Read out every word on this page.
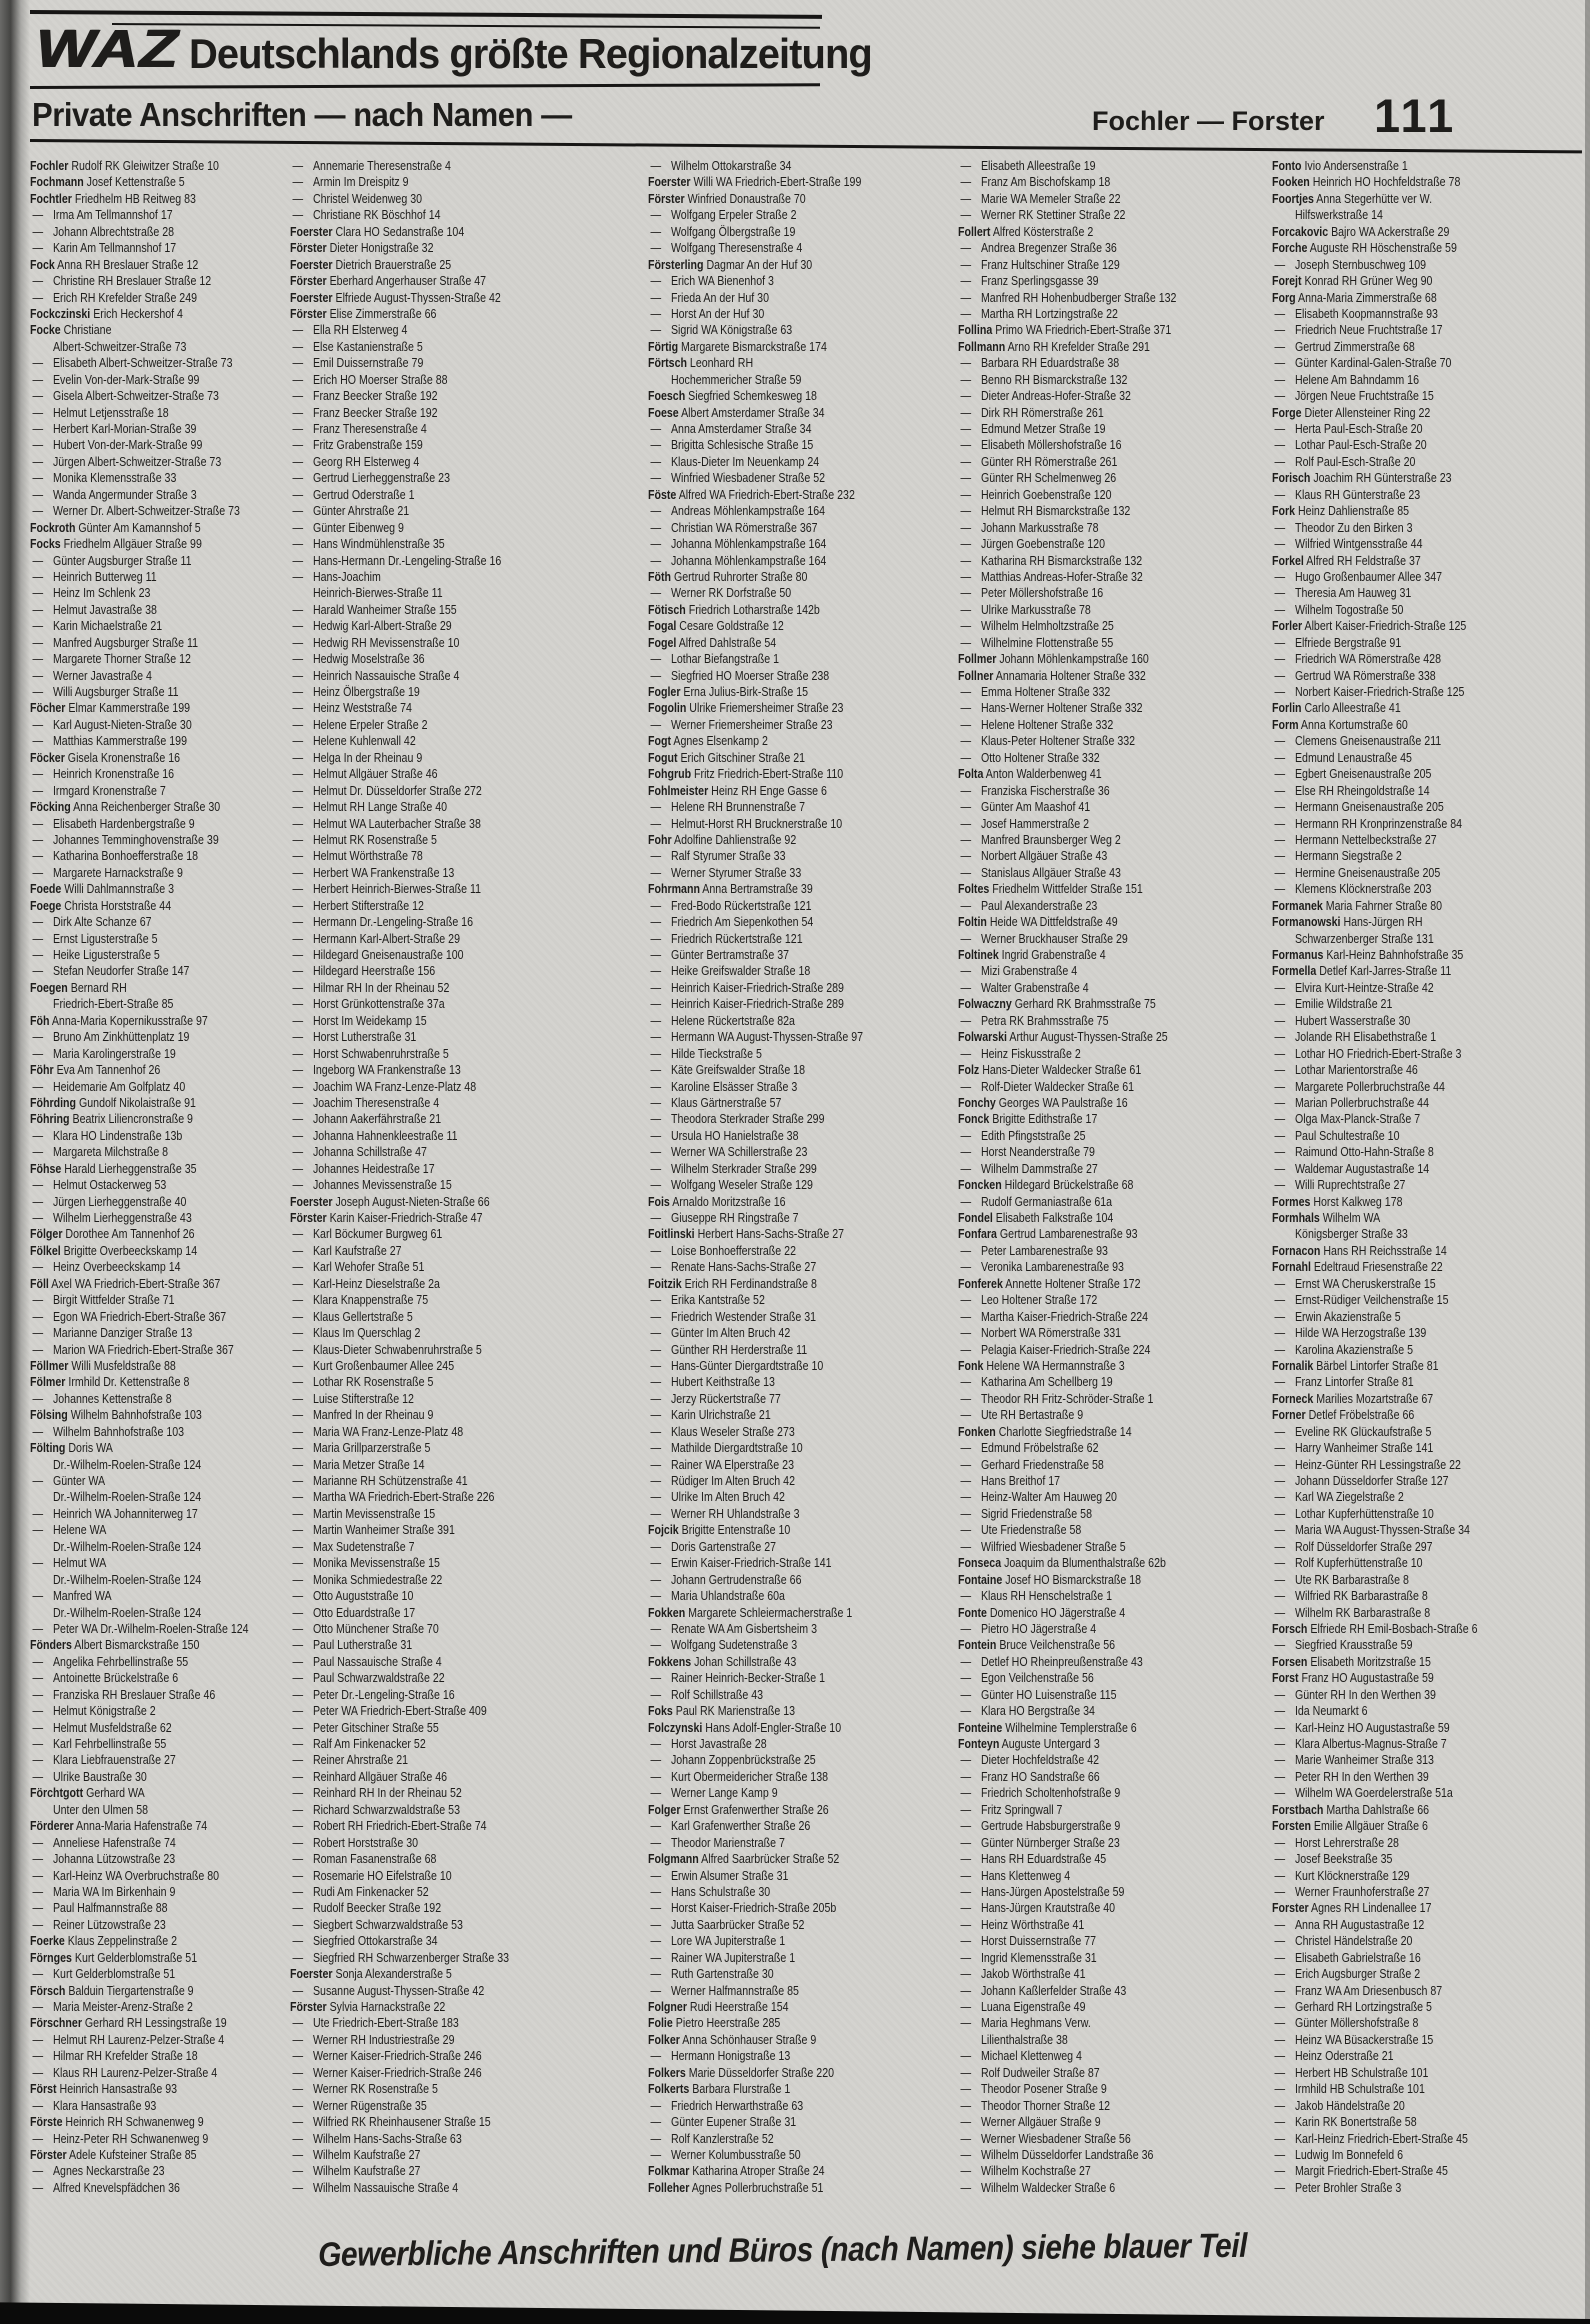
WAZ Deutschlands größte Regionalzeitung
Private Anschriften — nach Namen —	Fochler — Forster 111
Fochler Rudolf RK Gleiwitzer Straße 10
Fochmann Josef Kettenstraße 5
Fochtler Friedhelm HB Reitweg 83
— Irma Am Tellmannshof 17
— Johann Albrechtstraße 28
— Karin Am Tellmannshof 17
Fock Anna RH Breslauer Straße 12
— Christine RH Breslauer Straße 12
— Erich RH Krefelder Straße 249
Fockczinski Erich Heckershof 4
Focke Christiane
Albert-Schweitzer-Straße 73
— Elisabeth Albert-Schweitzer-Straße 73
— Evelin Von-der-Mark-Straße 99
— Gisela Albert-Schweitzer-Straße 73
— Helmut Letjensstraße 18
— Herbert Karl-Morian-Straße 39
— Hubert Von-der-Mark-Straße 99
— Jürgen Albert-Schweitzer-Straße 73
— Monika Klemensstraße 33
— Wanda Angermunder Straße 3
— Werner Dr. Albert-Schweitzer-Straße 73
Fockroth Günter Am Kamannshof 5
Focks Friedhelm Allgäuer Straße 99
— Günter Augsburger Straße 11
— Heinrich Butterweg 11
— Heinz Im Schlenk 23
— Helmut Javastraße 38
— Karin Michaelstraße 21
— Manfred Augsburger Straße 11
— Margarete Thorner Straße 12
— Werner Javastraße 4
— Willi Augsburger Straße 11
Föcher Elmar Kammerstraße 199
— Karl August-Nieten-Straße 30
— Matthias Kammerstraße 199
Föcker Gisela Kronenstraße 16
— Heinrich Kronenstraße 16
— Irmgard Kronenstraße 7
Föcking Anna Reichenberger Straße 30
— Elisabeth Hardenbergstraße 9
— Johannes Temminghovenstraße 39
— Katharina Bonhoefferstraße 18
— Margarete Harnackstraße 9
Foede Willi Dahlmannstraße 3
Foege Christa Horststraße 44
— Dirk Alte Schanze 67
— Ernst Ligusterstraße 5
— Heike Ligusterstraße 5
— Stefan Neudorfer Straße 147
Foegen Bernard RH
Friedrich-Ebert-Straße 85
Föh Anna-Maria Kopernikusstraße 97
— Bruno Am Zinkhüttenplatz 19
— Maria Karolingerstraße 19
Föhr Eva Am Tannenhof 26
— Heidemarie Am Golfplatz 40
Föhrding Gundolf Nikolaistraße 91
Föhring Beatrix Liliencronstraße 9
— Klara HO Lindenstraße 13b
— Margareta Milchstraße 8
Föhse Harald Lierheggenstraße 35
— Helmut Ostackerweg 53
— Jürgen Lierheggenstraße 40
— Wilhelm Lierheggenstraße 43
Fölger Dorothee Am Tannenhof 26
Fölkel Brigitte Overbeeckskamp 14
— Heinz Overbeeckskamp 14
Föll Axel WA Friedrich-Ebert-Straße 367
— Birgit Wittfelder Straße 71
— Egon WA Friedrich-Ebert-Straße 367
— Marianne Danziger Straße 13
— Marion WA Friedrich-Ebert-Straße 367
Föllmer Willi Musfeldstraße 88
Fölmer Irmhild Dr. Kettenstraße 8
— Johannes Kettenstraße 8
Fölsing Wilhelm Bahnhofstraße 103
— Wilhelm Bahnhofstraße 103
Fölting Doris WA
Dr.-Wilhelm-Roelen-Straße 124
— Günter WA
Dr.-Wilhelm-Roelen-Straße 124
— Heinrich WA Johanniterweg 17
— Helene WA
Dr.-Wilhelm-Roelen-Straße 124
— Helmut WA
Dr.-Wilhelm-Roelen-Straße 124
— Manfred WA
Dr.-Wilhelm-Roelen-Straße 124
— Peter WA Dr.-Wilhelm-Roelen-Straße 124
Fönders Albert Bismarckstraße 150
— Angelika Fehrbellinstraße 55
— Antoinette Brückelstraße 6
— Franziska RH Breslauer Straße 46
— Helmut Königstraße 2
— Helmut Musfeldstraße 62
— Karl Fehrbellinstraße 55
— Klara Liebfrauenstraße 27
— Ulrike Baustraße 30
Förchtgott Gerhard WA
Unter den Ulmen 58
Förderer Anna-Maria Hafenstraße 74
— Anneliese Hafenstraße 74
— Johanna Lützowstraße 23
— Karl-Heinz WA Overbruchstraße 80
— Maria WA Im Birkenhain 9
— Paul Halfmannstraße 88
— Reiner Lützowstraße 23
Foerke Klaus Zeppelinstraße 2
Förnges Kurt Gelderblomstraße 51
— Kurt Gelderblomstraße 51
Försch Balduin Tiergartenstraße 9
— Maria Meister-Arenz-Straße 2
Förschner Gerhard RH Lessingstraße 19
— Helmut RH Laurenz-Pelzer-Straße 4
— Hilmar RH Krefelder Straße 18
— Klaus RH Laurenz-Pelzer-Straße 4
Först Heinrich Hansastraße 93
— Klara Hansastraße 93
Förste Heinrich RH Schwanenweg 9
— Heinz-Peter RH Schwanenweg 9
Förster Adele Kufsteiner Straße 85
— Agnes Neckarstraße 23
— Alfred Knevelspfädchen 36
— Annemarie Theresenstraße 4
— Armin Im Dreispitz 9
— Christel Weidenweg 30
— Christiane RK Böschhof 14
Foerster Clara HO Sedanstraße 104
Förster Dieter Honigstraße 32
Foerster Dietrich Brauerstraße 25
Förster Eberhard Angerhauser Straße 47
Foerster Elfriede August-Thyssen-Straße 42
Förster Elise Zimmerstraße 66
— Ella RH Elsterweg 4
— Else Kastanienstraße 5
— Emil Duissernstraße 79
— Erich HO Moerser Straße 88
— Franz Beecker Straße 192
— Franz Beecker Straße 192
— Franz Theresenstraße 4
— Fritz Grabenstraße 159
— Georg RH Elsterweg 4
— Gertrud Lierheggenstraße 23
— Gertrud Oderstraße 1
— Günter Ahrstraße 21
— Günter Eibenweg 9
— Hans Windmühlenstraße 35
— Hans-Hermann Dr.-Lengeling-Straße 16
— Hans-Joachim
Heinrich-Bierwes-Straße 11
— Harald Wanheimer Straße 155
— Hedwig Karl-Albert-Straße 29
— Hedwig RH Mevissenstraße 10
— Hedwig Moselstraße 36
— Heinrich Nassauische Straße 4
— Heinz Ölbergstraße 19
— Heinz Weststraße 74
— Helene Erpeler Straße 2
— Helene Kuhlenwall 42
— Helga In der Rheinau 9
— Helmut Allgäuer Straße 46
— Helmut Dr. Düsseldorfer Straße 272
— Helmut RH Lange Straße 40
— Helmut WA Lauterbacher Straße 38
— Helmut RK Rosenstraße 5
— Helmut Wörthstraße 78
— Herbert WA Frankenstraße 13
— Herbert Heinrich-Bierwes-Straße 11
— Herbert Stifterstraße 12
— Hermann Dr.-Lengeling-Straße 16
— Hermann Karl-Albert-Straße 29
— Hildegard Gneisenaustraße 100
— Hildegard Heerstraße 156
— Hilmar RH In der Rheinau 52
— Horst Grünkottenstraße 37a
— Horst Im Weidekamp 15
— Horst Lutherstraße 31
— Horst Schwabenruhrstraße 5
— Ingeborg WA Frankenstraße 13
— Joachim WA Franz-Lenze-Platz 48
— Joachim Theresenstraße 4
— Johann Aakerfährstraße 21
— Johanna Hahnenkleestraße 11
— Johanna Schillstraße 47
— Johannes Heidestraße 17
— Johannes Mevissenstraße 15
Foerster Joseph August-Nieten-Straße 66
Förster Karin Kaiser-Friedrich-Straße 47
— Karl Böckumer Burgweg 61
— Karl Kaufstraße 27
— Karl Wehofer Straße 51
— Karl-Heinz Dieselstraße 2a
— Klara Knappenstraße 75
— Klaus Gellertstraße 5
— Klaus Im Querschlag 2
— Klaus-Dieter Schwabenruhrstraße 5
— Kurt Großenbaumer Allee 245
— Lothar RK Rosenstraße 5
— Luise Stifterstraße 12
— Manfred In der Rheinau 9
— Maria WA Franz-Lenze-Platz 48
— Maria Grillparzerstraße 5
— Maria Metzer Straße 14
— Marianne RH Schützenstraße 41
— Martha WA Friedrich-Ebert-Straße 226
— Martin Mevissenstraße 15
— Martin Wanheimer Straße 391
— Max Sudetenstraße 7
— Monika Mevissenstraße 15
— Monika Schmiedestraße 22
— Otto Auguststraße 10
— Otto Eduardstraße 17
— Otto Münchener Straße 70
— Paul Lutherstraße 31
— Paul Nassauische Straße 4
— Paul Schwarzwaldstraße 22
— Peter Dr.-Lengeling-Straße 16
— Peter WA Friedrich-Ebert-Straße 409
— Peter Gitschiner Straße 55
— Ralf Am Finkenacker 52
— Reiner Ahrstraße 21
— Reinhard Allgäuer Straße 46
— Reinhard RH In der Rheinau 52
— Richard Schwarzwaldstraße 53
— Robert RH Friedrich-Ebert-Straße 74
— Robert Horststraße 30
— Roman Fasanenstraße 68
— Rosemarie HO Eifelstraße 10
— Rudi Am Finkenacker 52
— Rudolf Beecker Straße 192
— Siegbert Schwarzwaldstraße 53
— Siegfried Ottokarstraße 34
— Siegfried RH Schwarzenberger Straße 33
Foerster Sonja Alexanderstraße 5
— Susanne August-Thyssen-Straße 42
Förster Sylvia Harnackstraße 22
— Ute Friedrich-Ebert-Straße 183
— Werner RH Industriestraße 29
— Werner Kaiser-Friedrich-Straße 246
— Werner Kaiser-Friedrich-Straße 246
— Werner RK Rosenstraße 5
— Werner Rügenstraße 35
— Wilfried RK Rheinhausener Straße 15
— Wilhelm Hans-Sachs-Straße 63
— Wilhelm Kaufstraße 27
— Wilhelm Kaufstraße 27
— Wilhelm Nassauische Straße 4
— Wilhelm Ottokarstraße 34
Foerster Willi WA Friedrich-Ebert-Straße 199
Förster Winfried Donaustraße 70
— Wolfgang Erpeler Straße 2
— Wolfgang Ölbergstraße 19
— Wolfgang Theresenstraße 4
Försterling Dagmar An der Huf 30
— Erich WA Bienenhof 3
— Frieda An der Huf 30
— Horst An der Huf 30
— Sigrid WA Königstraße 63
Förtig Margarete Bismarckstraße 174
Förtsch Leonhard RH
Hochemmericher Straße 59
Foesch Siegfried Schemkesweg 18
Foese Albert Amsterdamer Straße 34
— Anna Amsterdamer Straße 34
— Brigitta Schlesische Straße 15
— Klaus-Dieter Im Neuenkamp 24
— Winfried Wiesbadener Straße 52
Föste Alfred WA Friedrich-Ebert-Straße 232
— Andreas Möhlenkampstraße 164
— Christian WA Römerstraße 367
— Johanna Möhlenkampstraße 164
— Johanna Möhlenkampstraße 164
Föth Gertrud Ruhrorter Straße 80
— Werner RK Dorfstraße 50
Fötisch Friedrich Lotharstraße 142b
Fogal Cesare Goldstraße 12
Fogel Alfred Dahlstraße 54
— Lothar Biefangstraße 1
— Siegfried HO Moerser Straße 238
Fogler Erna Julius-Birk-Straße 15
Fogolin Ulrike Friemersheimer Straße 23
— Werner Friemersheimer Straße 23
Fogt Agnes Elsenkamp 2
Fogut Erich Gitschiner Straße 21
Fohgrub Fritz Friedrich-Ebert-Straße 110
Fohlmeister Heinz RH Enge Gasse 6
— Helene RH Brunnenstraße 7
— Helmut-Horst RH Brucknerstraße 10
Fohr Adolfine Dahlienstraße 92
— Ralf Styrumer Straße 33
— Werner Styrumer Straße 33
Fohrmann Anna Bertramstraße 39
— Fred-Bodo Rückertstraße 121
— Friedrich Am Siepenkothen 54
— Friedrich Rückertstraße 121
— Günter Bertramstraße 37
— Heike Greifswalder Straße 18
— Heinrich Kaiser-Friedrich-Straße 289
— Heinrich Kaiser-Friedrich-Straße 289
— Helene Rückertstraße 82a
— Hermann WA August-Thyssen-Straße 97
— Hilde Tieckstraße 5
— Käte Greifswalder Straße 18
— Karoline Elsässer Straße 3
— Klaus Gärtnerstraße 57
— Theodora Sterkrader Straße 299
— Ursula HO Hanielstraße 38
— Werner WA Schillerstraße 23
— Wilhelm Sterkrader Straße 299
— Wolfgang Weseler Straße 129
Fois Arnaldo Moritzstraße 16
— Giuseppe RH Ringstraße 7
Foitlinski Herbert Hans-Sachs-Straße 27
— Loise Bonhoefferstraße 22
— Renate Hans-Sachs-Straße 27
Foitzik Erich RH Ferdinandstraße 8
— Erika Kantstraße 52
— Friedrich Westender Straße 31
— Günter Im Alten Bruch 42
— Günther RH Herderstraße 11
— Hans-Günter Diergardtstraße 10
— Hubert Keithstraße 13
— Jerzy Rückertstraße 77
— Karin Ulrichstraße 21
— Klaus Weseler Straße 273
— Mathilde Diergardtstraße 10
— Rainer WA Elperstraße 23
— Rüdiger Im Alten Bruch 42
— Ulrike Im Alten Bruch 42
— Werner RH Uhlandstraße 3
Fojcik Brigitte Entenstraße 10
— Doris Gartenstraße 27
— Erwin Kaiser-Friedrich-Straße 141
— Johann Gertrudenstraße 66
— Maria Uhlandstraße 60a
Fokken Margarete Schleiermacherstraße 1
— Renate WA Am Gisbertsheim 3
— Wolfgang Sudetenstraße 3
Fokkens Johan Schillstraße 43
— Rainer Heinrich-Becker-Straße 1
— Rolf Schillstraße 43
Foks Paul RK Marienstraße 13
Folczynski Hans Adolf-Engler-Straße 10
— Horst Javastraße 28
— Johann Zoppenbrückstraße 25
— Kurt Obermeidericher Straße 138
— Werner Lange Kamp 9
Folger Ernst Grafenwerther Straße 26
— Karl Grafenwerther Straße 26
— Theodor Marienstraße 7
Folgmann Alfred Saarbrücker Straße 52
— Erwin Alsumer Straße 31
— Hans Schulstraße 30
— Horst Kaiser-Friedrich-Straße 205b
— Jutta Saarbrücker Straße 52
— Lore WA Jupiterstraße 1
— Rainer WA Jupiterstraße 1
— Ruth Gartenstraße 30
— Werner Halfmannstraße 85
Folgner Rudi Heerstraße 154
Folie Pietro Heerstraße 285
Folker Anna Schönhauser Straße 9
— Hermann Honigstraße 13
Folkers Marie Düsseldorfer Straße 220
Folkerts Barbara Flurstraße 1
— Friedrich Herwarthstraße 63
— Günter Eupener Straße 31
— Rolf Kanzlerstraße 52
— Werner Kolumbusstraße 50
Folkmar Katharina Atroper Straße 24
Folleher Agnes Pollerbruchstraße 51
— Elisabeth Alleestraße 19
— Franz Am Bischofskamp 18
— Marie WA Memeler Straße 22
— Werner RK Stettiner Straße 22
Follert Alfred Kösterstraße 2
— Andrea Bregenzer Straße 36
— Franz Hultschiner Straße 129
— Franz Sperlingsgasse 39
— Manfred RH Hohenbudberger Straße 132
— Martha RH Lortzingstraße 22
Follina Primo WA Friedrich-Ebert-Straße 371
Follmann Arno RH Krefelder Straße 291
— Barbara RH Eduardstraße 38
— Benno RH Bismarckstraße 132
— Dieter Andreas-Hofer-Straße 32
— Dirk RH Römerstraße 261
— Edmund Metzer Straße 19
— Elisabeth Möllershofstraße 16
— Günter RH Römerstraße 261
— Günter RH Schelmenweg 26
— Heinrich Goebenstraße 120
— Helmut RH Bismarckstraße 132
— Johann Markusstraße 78
— Jürgen Goebenstraße 120
— Katharina RH Bismarckstraße 132
— Matthias Andreas-Hofer-Straße 32
— Peter Möllershofstraße 16
— Ulrike Markusstraße 78
— Wilhelm Helmholtzstraße 25
— Wilhelmine Flottenstraße 55
Follmer Johann Möhlenkampstraße 160
Follner Annamaria Holtener Straße 332
— Emma Holtener Straße 332
— Hans-Werner Holtener Straße 332
— Helene Holtener Straße 332
— Klaus-Peter Holtener Straße 332
— Otto Holtener Straße 332
Folta Anton Walderbenweg 41
— Franziska Fischerstraße 36
— Günter Am Maashof 41
— Josef Hammerstraße 2
— Manfred Braunsberger Weg 2
— Norbert Allgäuer Straße 43
— Stanislaus Allgäuer Straße 43
Foltes Friedhelm Wittfelder Straße 151
— Paul Alexanderstraße 23
Foltin Heide WA Dittfeldstraße 49
— Werner Bruckhauser Straße 29
Foltinek Ingrid Grabenstraße 4
— Mizi Grabenstraße 4
— Walter Grabenstraße 4
Folwaczny Gerhard RK Brahmsstraße 75
— Petra RK Brahmsstraße 75
Folwarski Arthur August-Thyssen-Straße 25
— Heinz Fiskusstraße 2
Folz Hans-Dieter Waldecker Straße 61
— Rolf-Dieter Waldecker Straße 61
Fonchy Georges WA Paulstraße 16
Fonck Brigitte Edithstraße 17
— Edith Pfingststraße 25
— Horst Neanderstraße 79
— Wilhelm Dammstraße 27
Foncken Hildegard Brückelstraße 68
— Rudolf Germaniastraße 61a
Fondel Elisabeth Falkstraße 104
Fonfara Gertrud Lambarenestraße 93
— Peter Lambarenestraße 93
— Veronika Lambarenestraße 93
Fonferek Annette Holtener Straße 172
— Leo Holtener Straße 172
— Martha Kaiser-Friedrich-Straße 224
— Norbert WA Römerstraße 331
— Pelagia Kaiser-Friedrich-Straße 224
Fonk Helene WA Hermannstraße 3
— Katharina Am Schellberg 19
— Theodor RH Fritz-Schröder-Straße 1
— Ute RH Bertastraße 9
Fonken Charlotte Siegfriedstraße 14
— Edmund Fröbelstraße 62
— Gerhard Friedenstraße 58
— Hans Breithof 17
— Heinz-Walter Am Hauweg 20
— Sigrid Friedenstraße 58
— Ute Friedenstraße 58
— Wilfried Wiesbadener Straße 5
Fonseca Joaquim da Blumenthalstraße 62b
Fontaine Josef HO Bismarckstraße 18
— Klaus RH Henschelstraße 1
Fonte Domenico HO Jägerstraße 4
— Pietro HO Jägerstraße 4
Fontein Bruce Veilchenstraße 56
— Detlef HO Rheinpreußenstraße 43
— Egon Veilchenstraße 56
— Günter HO Luisenstraße 115
— Klara HO Bergstraße 34
Fonteine Wilhelmine Templerstraße 6
Fonteyn Auguste Untergard 3
— Dieter Hochfeldstraße 42
— Franz HO Sandstraße 66
— Friedrich Scholtenhofstraße 9
— Fritz Springwall 7
— Gertrude Habsburgerstraße 9
— Günter Nürnberger Straße 23
— Hans RH Eduardstraße 45
— Hans Klettenweg 4
— Hans-Jürgen Apostelstraße 59
— Hans-Jürgen Krautstraße 40
— Heinz Wörthstraße 41
— Horst Duissernstraße 77
— Ingrid Klemensstraße 31
— Jakob Wörthstraße 41
— Johann Kaßlerfelder Straße 43
— Luana Eigenstraße 49
— Maria Heghmans Verw.
Lilienthalstraße 38
— Michael Klettenweg 4
— Rolf Dudweiler Straße 87
— Theodor Posener Straße 9
— Theodor Thorner Straße 12
— Werner Allgäuer Straße 9
— Werner Wiesbadener Straße 56
— Wilhelm Düsseldorfer Landstraße 36
— Wilhelm Kochstraße 27
— Wilhelm Waldecker Straße 6
Fonto Ivio Andersenstraße 1
Fooken Heinrich HO Hochfeldstraße 78
Foortjes Anna Stegerhütte ver W.
Hilfswerkstraße 14
Forcakovic Bajro WA Ackerstraße 29
Forche Auguste RH Höschenstraße 59
— Joseph Sternbuschweg 109
Forejt Konrad RH Grüner Weg 90
Forg Anna-Maria Zimmerstraße 68
— Elisabeth Koopmannstraße 93
— Friedrich Neue Fruchtstraße 17
— Gertrud Zimmerstraße 68
— Günter Kardinal-Galen-Straße 70
— Helene Am Bahndamm 16
— Jörgen Neue Fruchtstraße 15
Forge Dieter Allensteiner Ring 22
— Herta Paul-Esch-Straße 20
— Lothar Paul-Esch-Straße 20
— Rolf Paul-Esch-Straße 20
Forisch Joachim RH Günterstraße 23
— Klaus RH Günterstraße 23
Fork Heinz Dahlienstraße 85
— Theodor Zu den Birken 3
— Wilfried Wintgensstraße 44
Forkel Alfred RH Feldstraße 37
— Hugo Großenbaumer Allee 347
— Theresia Am Hauweg 31
— Wilhelm Togostraße 50
Forler Albert Kaiser-Friedrich-Straße 125
— Elfriede Bergstraße 91
— Friedrich WA Römerstraße 428
— Gertrud WA Römerstraße 338
— Norbert Kaiser-Friedrich-Straße 125
Forlin Carlo Alleestraße 41
Form Anna Kortumstraße 60
— Clemens Gneisenaustraße 211
— Edmund Lenaustraße 45
— Egbert Gneisenaustraße 205
— Else RH Rheingoldstraße 14
— Hermann Gneisenaustraße 205
— Hermann RH Kronprinzenstraße 84
— Hermann Nettelbeckstraße 27
— Hermann Siegstraße 2
— Hermine Gneisenaustraße 205
— Klemens Klöcknerstraße 203
Formanek Maria Fahrner Straße 80
Formanowski Hans-Jürgen RH
Schwarzenberger Straße 131
Formanus Karl-Heinz Bahnhofstraße 35
Formella Detlef Karl-Jarres-Straße 11
— Elvira Kurt-Heintze-Straße 42
— Emilie Wildstraße 21
— Hubert Wasserstraße 30
— Jolande RH Elisabethstraße 1
— Lothar HO Friedrich-Ebert-Straße 3
— Lothar Marientorstraße 46
— Margarete Pollerbruchstraße 44
— Marian Pollerbruchstraße 44
— Olga Max-Planck-Straße 7
— Paul Schultestraße 10
— Raimund Otto-Hahn-Straße 8
— Waldemar Augustastraße 14
— Willi Ruprechtstraße 27
Formes Horst Kalkweg 178
Formhals Wilhelm WA
Königsberger Straße 33
Fornacon Hans RH Reichsstraße 14
Fornahl Edeltraud Friesenstraße 22
— Ernst WA Cheruskerstraße 15
— Ernst-Rüdiger Veilchenstraße 15
— Erwin Akazienstraße 5
— Hilde WA Herzogstraße 139
— Karolina Akazienstraße 5
Fornalik Bärbel Lintorfer Straße 81
— Franz Lintorfer Straße 81
Forneck Marilies Mozartstraße 67
Forner Detlef Fröbelstraße 66
— Eveline RK Glückaufstraße 5
— Harry Wanheimer Straße 141
— Heinz-Günter RH Lessingstraße 22
— Johann Düsseldorfer Straße 127
— Karl WA Ziegelstraße 2
— Lothar Kupferhüttenstraße 10
— Maria WA August-Thyssen-Straße 34
— Rolf Düsseldorfer Straße 297
— Rolf Kupferhüttenstraße 10
— Ute RK Barbarastraße 8
— Wilfried RK Barbarastraße 8
— Wilhelm RK Barbarastraße 8
Forsch Elfriede RH Emil-Bosbach-Straße 6
— Siegfried Krausstraße 59
Forsen Elisabeth Moritzstraße 15
Forst Franz HO Augustastraße 59
— Günter RH In den Werthen 39
— Ida Neumarkt 6
— Karl-Heinz HO Augustastraße 59
— Klara Albertus-Magnus-Straße 7
— Marie Wanheimer Straße 313
— Peter RH In den Werthen 39
— Wilhelm WA Goerdelerstraße 51a
Forstbach Martha Dahlstraße 66
Forsten Emilie Allgäuer Straße 6
— Horst Lehrerstraße 28
— Josef Beekstraße 35
— Kurt Klöcknerstraße 129
— Werner Fraunhoferstraße 27
Forster Agnes RH Lindenallee 17
— Anna RH Augustastraße 12
— Christel Händelstraße 20
— Elisabeth Gabrielstraße 16
— Erich Augsburger Straße 2
— Franz WA Am Driesenbusch 87
— Gerhard RH Lortzingstraße 5
— Günter Möllershofstraße 8
— Heinz WA Büsackerstraße 15
— Heinz Oderstraße 21
— Herbert HB Schulstraße 101
— Irmhild HB Schulstraße 101
— Jakob Händelstraße 20
— Karin RK Bonertstraße 58
— Karl-Heinz Friedrich-Ebert-Straße 45
— Ludwig Im Bonnefeld 6
— Margit Friedrich-Ebert-Straße 45
— Peter Brohler Straße 3
Gewerbliche Anschriften und Büros (nach Namen) siehe blauer Teil
